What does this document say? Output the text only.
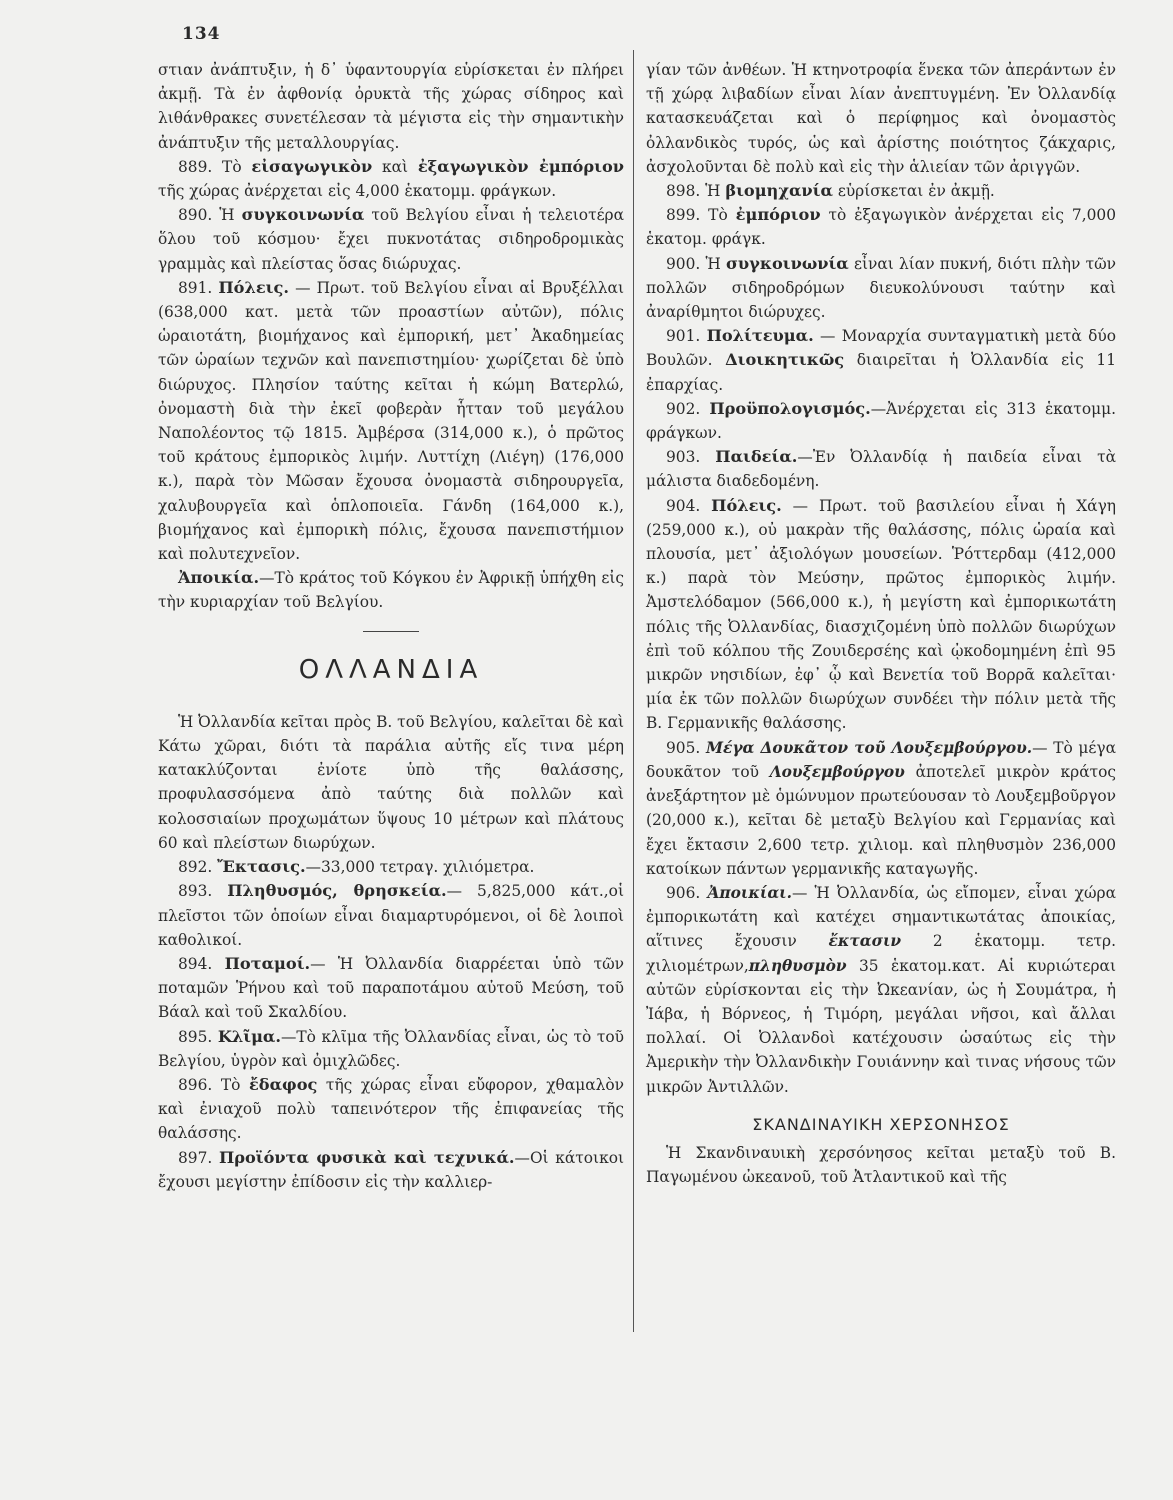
134

στιαν ἀνάπτυξιν, ἡ δ᾽ ὑφαντουργία εὑρίσκεται ἐν πλήρει ἀκμῇ. Τὰ ἐν ἀφθονίᾳ ὀρυκτὰ τῆς χώρας σίδηρος καὶ λιθάνθρακες συνετέλεσαν τὰ μέγιστα εἰς τὴν σημαντικὴν ἀνάπτυξιν τῆς μεταλλουργίας.

889. Τὸ εἰσαγωγικὸν καὶ ἐξαγωγικὸν ἐμπόριον τῆς χώρας ἀνέρχεται εἰς 4,000 ἑκατομμ. φράγκων.

890. Ἡ συγκοινωνία τοῦ Βελγίου εἶναι ἡ τελειοτέρα ὅλου τοῦ κόσμου· ἔχει πυκνοτάτας σιδηροδρομικὰς γραμμὰς καὶ πλείστας ὅσας διώρυχας.

891. Πόλεις. — Πρωτ. τοῦ Βελγίου εἶναι αἱ Βρυξέλλαι (638,000 κατ. μετὰ τῶν προαστίων αὐτῶν), πόλις ὡραιοτάτη, βιομήχανος καὶ ἐμπορική, μετ᾽ Ἀκαδημείας τῶν ὡραίων τεχνῶν καὶ πανεπιστημίου· χωρίζεται δὲ ὑπὸ διώρυχος. Πλησίον ταύτης κεῖται ἡ κώμη Βατερλώ, ὀνομαστὴ διὰ τὴν ἐκεῖ φοβερὰν ἧτταν τοῦ μεγάλου Ναπολέοντος τῷ 1815. Ἀμβέρσα (314,000 κ.), ὁ πρῶτος τοῦ κράτους ἐμπορικὸς λιμήν. Λυττίχη (Λιέγη) (176,000 κ.), παρὰ τὸν Μῶσαν ἔχουσα ὀνομαστὰ σιδηρουργεῖα, χαλυβουργεῖα καὶ ὁπλοποιεῖα. Γάνδη (164,000 κ.), βιομήχανος καὶ ἐμπορικὴ πόλις, ἔχουσα πανεπιστήμιον καὶ πολυτεχνεῖον.

Ἀποικία.—Τὸ κράτος τοῦ Κόγκου ἐν Ἀφρικῇ ὑπήχθη εἰς τὴν κυριαρχίαν τοῦ Βελγίου.

ΟΛΛΑΝΔΙΑ

Ἡ Ὀλλανδία κεῖται πρὸς Β. τοῦ Βελγίου, καλεῖται δὲ καὶ Κάτω χῶραι, διότι τὰ παράλια αὐτῆς εἴς τινα μέρη κατακλύζονται ἐνίοτε ὑπὸ τῆς θαλάσσης, προφυλασσόμενα ἀπὸ ταύτης διὰ πολλῶν καὶ κολοσσιαίων προχωμάτων ὕψους 10 μέτρων καὶ πλάτους 60 καὶ πλείστων διωρύχων.

892. Ἔκτασις.—33,000 τετραγ. χιλιόμετρα.

893. Πληθυσμός, θρησκεία.— 5,825,000 κάτ.,οἱ πλεῖστοι τῶν ὁποίων εἶναι διαμαρτυρόμενοι, οἱ δὲ λοιποὶ καθολικοί.

894. Ποταμοί.— Ἡ Ὀλλανδία διαρρέεται ὑπὸ τῶν ποταμῶν Ῥήνου καὶ τοῦ παραποτάμου αὐτοῦ Μεύση, τοῦ Βάαλ καὶ τοῦ Σκαλδίου.

895. Κλῖμα.—Τὸ κλῖμα τῆς Ὀλλανδίας εἶναι, ὡς τὸ τοῦ Βελγίου, ὑγρὸν καὶ ὀμιχλῶδες.

896. Τὸ ἔδαφος τῆς χώρας εἶναι εὔφορον, χθαμαλὸν καὶ ἐνιαχοῦ πολὺ ταπεινότερον τῆς ἐπιφανείας τῆς θαλάσσης.

897. Προϊόντα φυσικὰ καὶ τεχνικά.—Οἱ κάτοικοι ἔχουσι μεγίστην ἐπίδοσιν εἰς τὴν καλλιερ-

γίαν τῶν ἀνθέων. Ἡ κτηνοτροφία ἕνεκα τῶν ἀπεράντων ἐν τῇ χώρᾳ λιβαδίων εἶναι λίαν ἀνεπτυγμένη. Ἐν Ὀλλανδίᾳ κατασκευάζεται καὶ ὁ περίφημος καὶ ὀνομαστὸς ὀλλανδικὸς τυρός, ὡς καὶ ἀρίστης ποιότητος ζάκχαρις, ἀσχολοῦνται δὲ πολὺ καὶ εἰς τὴν ἁλιείαν τῶν ἀριγγῶν.

898. Ἡ βιομηχανία εὑρίσκεται ἐν ἀκμῇ.

899. Τὸ ἐμπόριον τὸ ἐξαγωγικὸν ἀνέρχεται εἰς 7,000 ἑκατομ. φράγκ.

900. Ἡ συγκοινωνία εἶναι λίαν πυκνή, διότι πλὴν τῶν πολλῶν σιδηροδρόμων διευκολύνουσι ταύτην καὶ ἀναρίθμητοι διώρυχες.

901. Πολίτευμα. — Μοναρχία συνταγματικὴ μετὰ δύο Βουλῶν. Διοικητικῶς διαιρεῖται ἡ Ὀλλανδία εἰς 11 ἐπαρχίας.

902. Προϋπολογισμός.—Ἀνέρχεται εἰς 313 ἑκατομμ. φράγκων.

903. Παιδεία.—Ἐν Ὀλλανδίᾳ ἡ παιδεία εἶναι τὰ μάλιστα διαδεδομένη.

904. Πόλεις. — Πρωτ. τοῦ βασιλείου εἶναι ἡ Χάγη (259,000 κ.), οὐ μακρὰν τῆς θαλάσσης, πόλις ὡραία καὶ πλουσία, μετ᾽ ἀξιολόγων μουσείων. Ῥόττερδαμ (412,000 κ.) παρὰ τὸν Μεύσην, πρῶτος ἐμπορικὸς λιμήν. Ἀμστελόδαμον (566,000 κ.), ἡ μεγίστη καὶ ἐμπορικωτάτη πόλις τῆς Ὀλλανδίας, διασχιζομένη ὑπὸ πολλῶν διωρύχων ἐπὶ τοῦ κόλπου τῆς Ζουιδερσέης καὶ ᾠκοδομημένη ἐπὶ 95 μικρῶν νησιδίων, ἐφ᾽ ᾧ καὶ Βενετία τοῦ Βορρᾶ καλεῖται· μία ἐκ τῶν πολλῶν διωρύχων συνδέει τὴν πόλιν μετὰ τῆς Β. Γερμανικῆς θαλάσσης.

905. Μέγα Δουκᾶτον τοῦ Λουξεμβούργου.— Τὸ μέγα δουκᾶτον τοῦ Λουξεμβούργου ἀποτελεῖ μικρὸν κράτος ἀνεξάρτητον μὲ ὁμώνυμον πρωτεύουσαν τὸ Λουξεμβοῦργον (20,000 κ.), κεῖται δὲ μεταξὺ Βελγίου καὶ Γερμανίας καὶ ἔχει ἔκτασιν 2,600 τετρ. χιλιομ. καὶ πληθυσμὸν 236,000 κατοίκων πάντων γερμανικῆς καταγωγῆς.

906. Ἀποικίαι.— Ἡ Ὀλλανδία, ὡς εἴπομεν, εἶναι χώρα ἐμπορικωτάτη καὶ κατέχει σημαντικωτάτας ἀποικίας, αἵτινες ἔχουσιν ἔκτασιν 2 ἑκατομμ. τετρ. χιλιομέτρων,πληθυσμὸν 35 ἑκατομ.κατ. Αἱ κυριώτεραι αὐτῶν εὑρίσκονται εἰς τὴν Ὠκεανίαν, ὡς ἡ Σουμάτρα, ἡ Ἰάβα, ἡ Βόρνεος, ἡ Τιμόρη, μεγάλαι νῆσοι, καὶ ἄλλαι πολλαί. Οἱ Ὀλλανδοὶ κατέχουσιν ὡσαύτως εἰς τὴν Ἀμερικὴν τὴν Ὀλλανδικὴν Γουιάννην καὶ τινας νήσους τῶν μικρῶν Ἀντιλλῶν.

ΣΚΑΝΔΙΝΑΥΙΚΗ ΧΕΡΣΟΝΗΣΟΣ

Ἡ Σκανδιναυικὴ χερσόνησος κεῖται μεταξὺ τοῦ Β. Παγωμένου ὠκεανοῦ, τοῦ Ἀτλαντικοῦ καὶ τῆς
